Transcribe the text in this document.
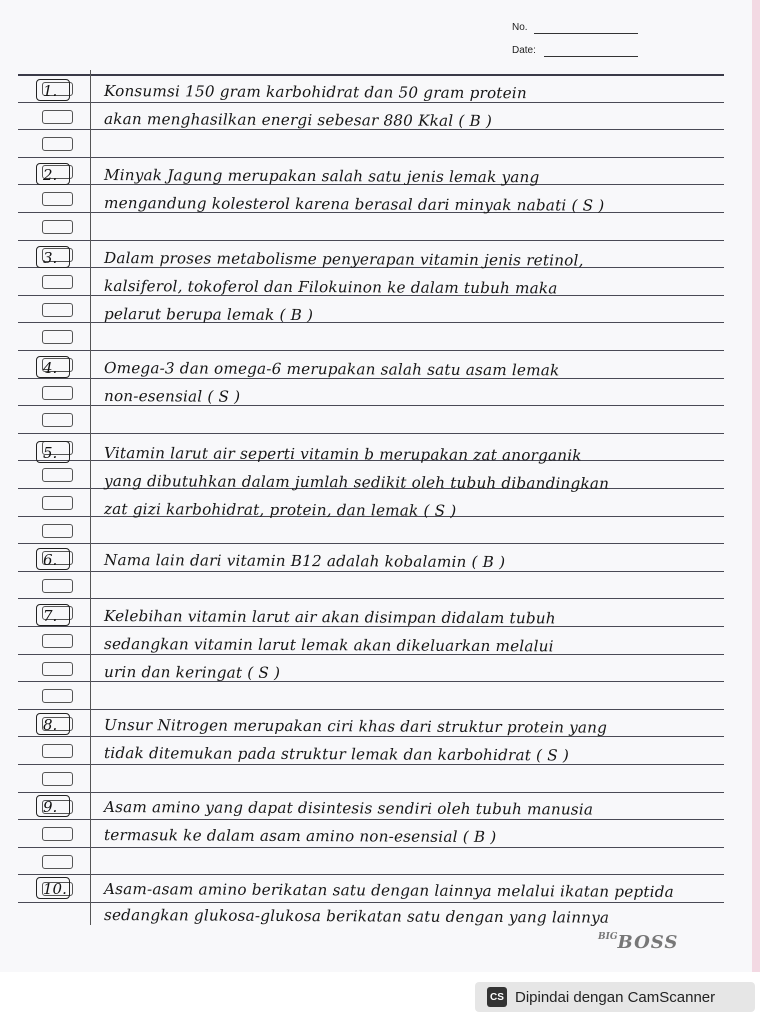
No.
Date:
1.	Konsumsi 150 gram karbohidrat dan 50 gram protein
akan menghasilkan energi sebesar 880 Kkal ( B )
2.	Minyak Jagung merupakan salah satu jenis lemak yang
mengandung kolesterol karena berasal dari minyak nabati ( S )
3.	Dalam proses metabolisme penyerapan vitamin jenis retinol,
kalsiferol, tokoferol dan Filokuinon ke dalam tubuh maka
pelarut berupa lemak ( B )
4.	Omega-3 dan omega-6 merupakan salah satu asam lemak
non-esensial ( S )
5.	Vitamin larut air seperti vitamin b merupakan zat anorganik
yang dibutuhkan dalam jumlah sedikit oleh tubuh dibandingkan
zat gizi karbohidrat, protein, dan lemak ( S )
6.	Nama lain dari vitamin B12 adalah kobalamin ( B )
7.	Kelebihan vitamin larut air akan disimpan didalam tubuh
sedangkan vitamin larut lemak akan dikeluarkan melalui
urin dan keringat ( S )
8.	Unsur Nitrogen merupakan ciri khas dari struktur protein yang
tidak ditemukan pada struktur lemak dan karbohidrat ( S )
9.	Asam amino yang dapat disintesis sendiri oleh tubuh manusia
termasuk ke dalam asam amino non-esensial ( B )
10. Asam-asam amino berikatan satu dengan lainnya melalui ikatan peptida
sedangkan glukosa-glukosa berikatan satu dengan yang lainnya
$^{BIG}$BOSS
CS Dipindai dengan CamScanner
